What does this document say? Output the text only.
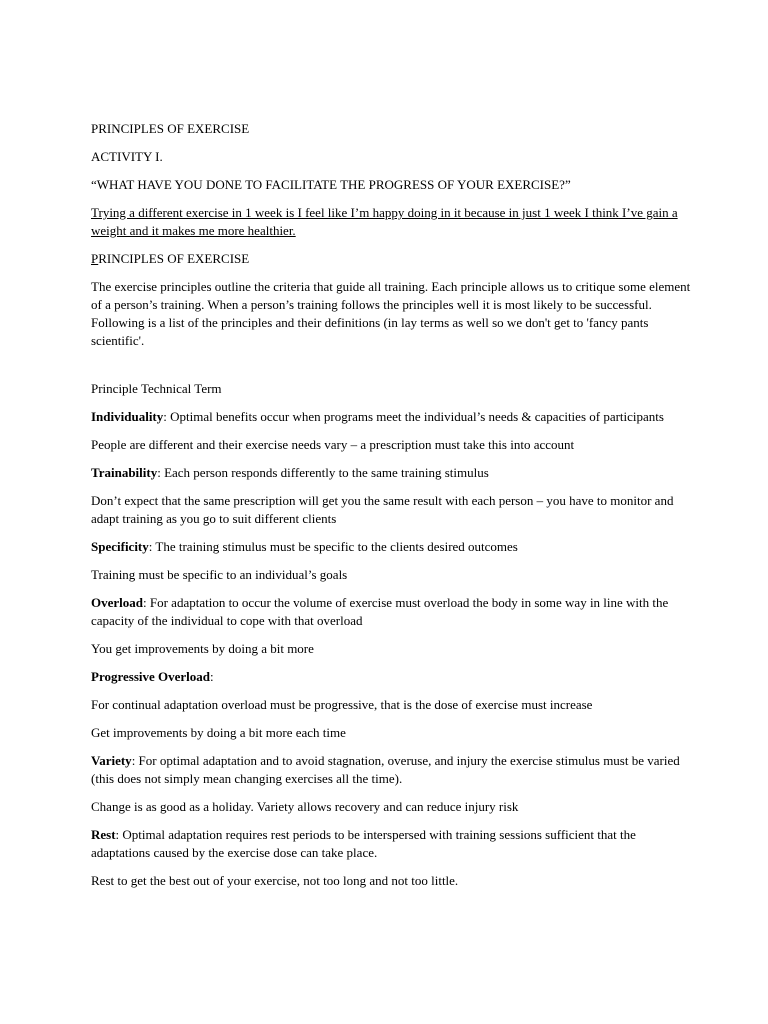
PRINCIPLES OF EXERCISE

ACTIVITY I.

“WHAT HAVE YOU DONE TO FACILITATE THE PROGRESS OF YOUR EXERCISE?”

Trying a different exercise in 1 week is I feel like I’m happy doing in it because in just 1 week I think I’ve gain a weight and it makes me more healthier.

PRINCIPLES OF EXERCISE

The exercise principles outline the criteria that guide all training. Each principle allows us to critique some element of a person’s training. When a person’s training follows the principles well it is most likely to be successful. Following is a list of the principles and their definitions (in lay terms as well so we don't get to 'fancy pants scientific'.

Principle Technical Term

Individuality: Optimal benefits occur when programs meet the individual’s needs & capacities of participants

People are different and their exercise needs vary – a prescription must take this into account

Trainability: Each person responds differently to the same training stimulus

Don’t expect that the same prescription will get you the same result with each person – you have to monitor and adapt training as you go to suit different clients

Specificity: The training stimulus must be specific to the clients desired outcomes

Training must be specific to an individual’s goals

Overload: For adaptation to occur the volume of exercise must overload the body in some way in line with the capacity of the individual to cope with that overload

You get improvements by doing a bit more

Progressive Overload:

For continual adaptation overload must be progressive, that is the dose of exercise must increase

Get improvements by doing a bit more each time

Variety: For optimal adaptation and to avoid stagnation, overuse, and injury the exercise stimulus must be varied (this does not simply mean changing exercises all the time).

Change is as good as a holiday. Variety allows recovery and can reduce injury risk

Rest: Optimal adaptation requires rest periods to be interspersed with training sessions sufficient that the adaptations caused by the exercise dose can take place.

Rest to get the best out of your exercise, not too long and not too little.
